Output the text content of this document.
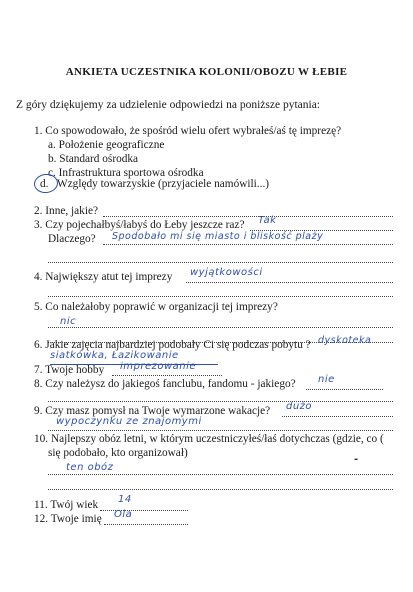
ANKIETA UCZESTNIKA KOLONII/OBOZU W ŁEBIE
Z góry dziękujemy za udzielenie odpowiedzi na poniższe pytania:
1. Co spowodowało, że spośród wielu ofert wybrałeś/aś tę imprezę?
a. Położenie geograficzne
b. Standard ośrodka
c. Infrastruktura sportowa ośrodka
d. Względy towarzyskie (przyjaciele namówili...)
2. Inne, jakie?
3. Czy pojechałbyś/łabyś do Łeby jeszcze raz? Tak
Dlaczego? Spodobało mi się miasto i bliskość plaży
4. Największy atut tej imprezy wyjątkowości
5. Co należałoby poprawić w organizacji tej imprezy?
nic
6. Jakie zajęcia najbardziej podobały Ci się podczas pobytu ? dyskoteka
siatkówka, Łazikowanie
7. Twoje hobby imprezowanie
8. Czy należysz do jakiegoś fanclubu, fandomu - jakiego? nie
9. Czy masz pomysł na Twoje wymarzone wakacje? dużo
wypoczynku ze znajomymi
10. Najlepszy obóz letni, w którym uczestniczyłeś/łaś dotychczas (gdzie, co (
się podobało, kto organizował)
ten obóz
-
11. Twój wiek 14
12. Twoje imię Ola
